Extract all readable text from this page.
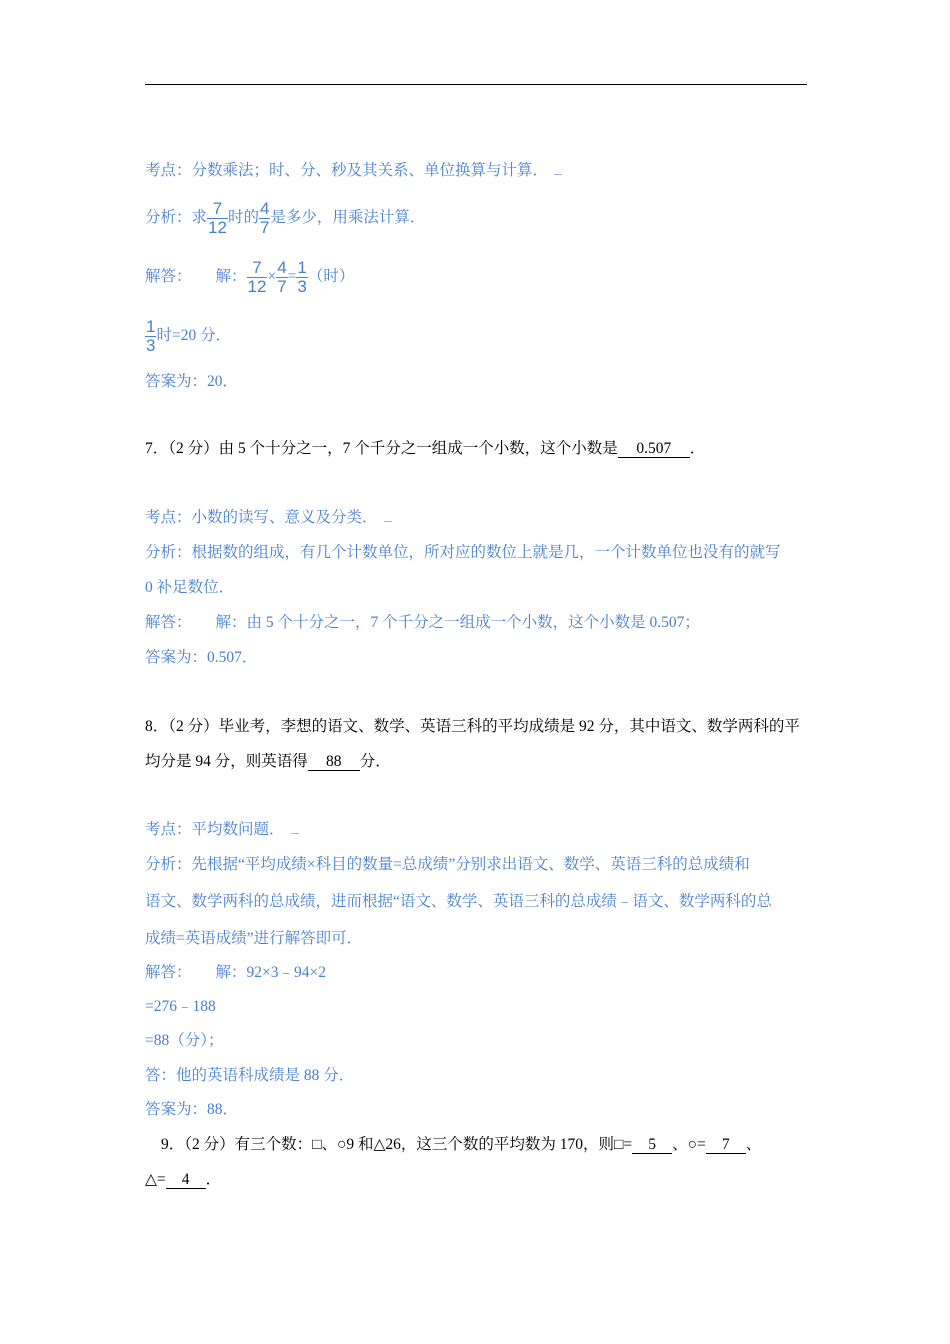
考点：分数乘法；时、分、秒及其关系、单位换算与计算．
分析：求 $\frac{7}{12}$ 时的 $\frac{4}{7}$ 是多少，用乘法计算．
解答： 解： $\frac{7}{12} \times \frac{4}{7} = \frac{1}{3}$ （时）
$\frac{1}{3}$ 时=20 分．
答案为：20．
7．（2 分）由 5 个十分之一，7 个千分之一组成一个小数，这个小数是 0.507 ．
考点：小数的读写、意义及分类．
分析：根据数的组成，有几个计数单位，所对应的数位上就是几，一个计数单位也没有的就写
0 补足数位．
解答： 解：由 5 个十分之一，7 个千分之一组成一个小数，这个小数是 0.507；
答案为：0.507．
8．（2 分）毕业考，李想的语文、数学、英语三科的平均成绩是 92 分，其中语文、数学两科的平
均分是 94 分，则英语得 88 分．
考点：平均数问题．
分析：先根据“平均成绩×科目的数量=总成绩”分别求出语文、数学、英语三科的总成绩和
语文、数学两科的总成绩，进而根据“语文、数学、英语三科的总成绩﹣语文、数学两科的总
成绩=英语成绩”进行解答即可．
解答： 解：92×3﹣94×2
=276﹣188
=88（分）；
答：他的英语科成绩是 88 分．
答案为：88．
9．（2 分）有三个数：□、○9 和△26，这三个数的平均数为 170，则□= 5 、○= 7 、
△= 4 ．
